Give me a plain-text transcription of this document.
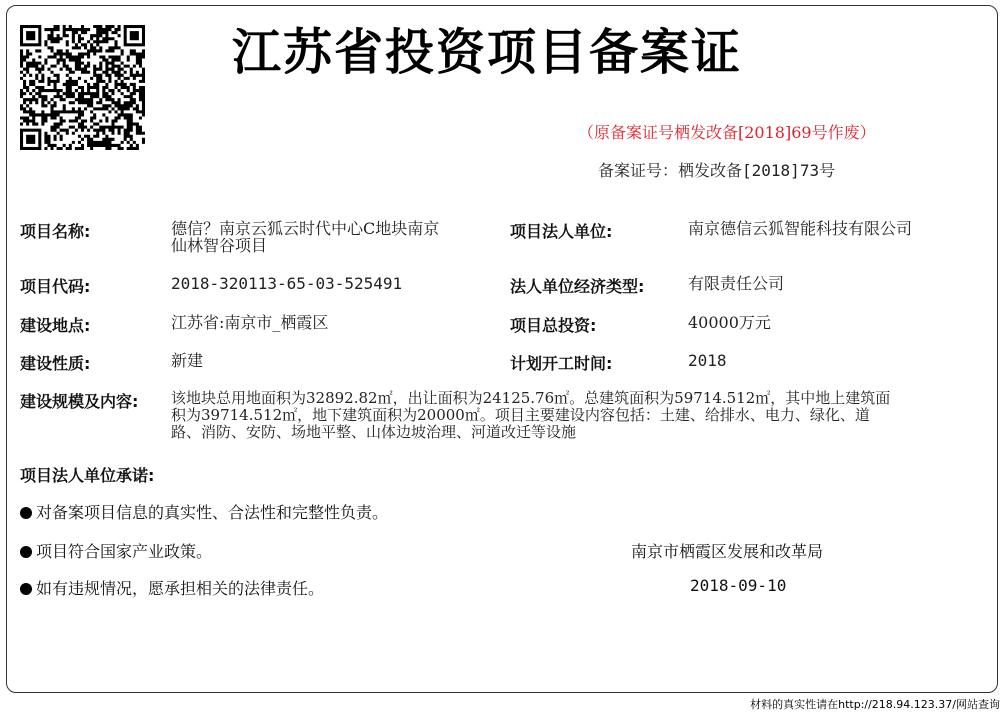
江苏省投资项目备案证
（原备案证号栖发改备[2018]69号作废）
备案证号：栖发改备[2018]73号
项目名称:	德信？南京云狐云时代中心C地块南京
仙林智谷项目
项目法人单位:	南京德信云狐智能科技有限公司
项目代码:	2018-320113-65-03-525491	法人单位经济类型:	有限责任公司
建设地点:	江苏省:南京市_栖霞区	项目总投资:	40000万元
建设性质:	新建	计划开工时间:	2018
建设规模及内容: 该地块总用地面积为32892.82㎡，出让面积为24125.76㎡。总建筑面积为59714.512㎡，其中地上建筑面
积为39714.512㎡，地下建筑面积为20000㎡。项目主要建设内容包括：土建、给排水、电力、绿化、道
路、消防、安防、场地平整、山体边坡治理、河道改迁等设施
项目法人单位承诺:
对备案项目信息的真实性、合法性和完整性负责。
项目符合国家产业政策。
如有违规情况，愿承担相关的法律责任。
南京市栖霞区发展和改革局
2018-09-10
材料的真实性请在http://218.94.123.37/网站查询
